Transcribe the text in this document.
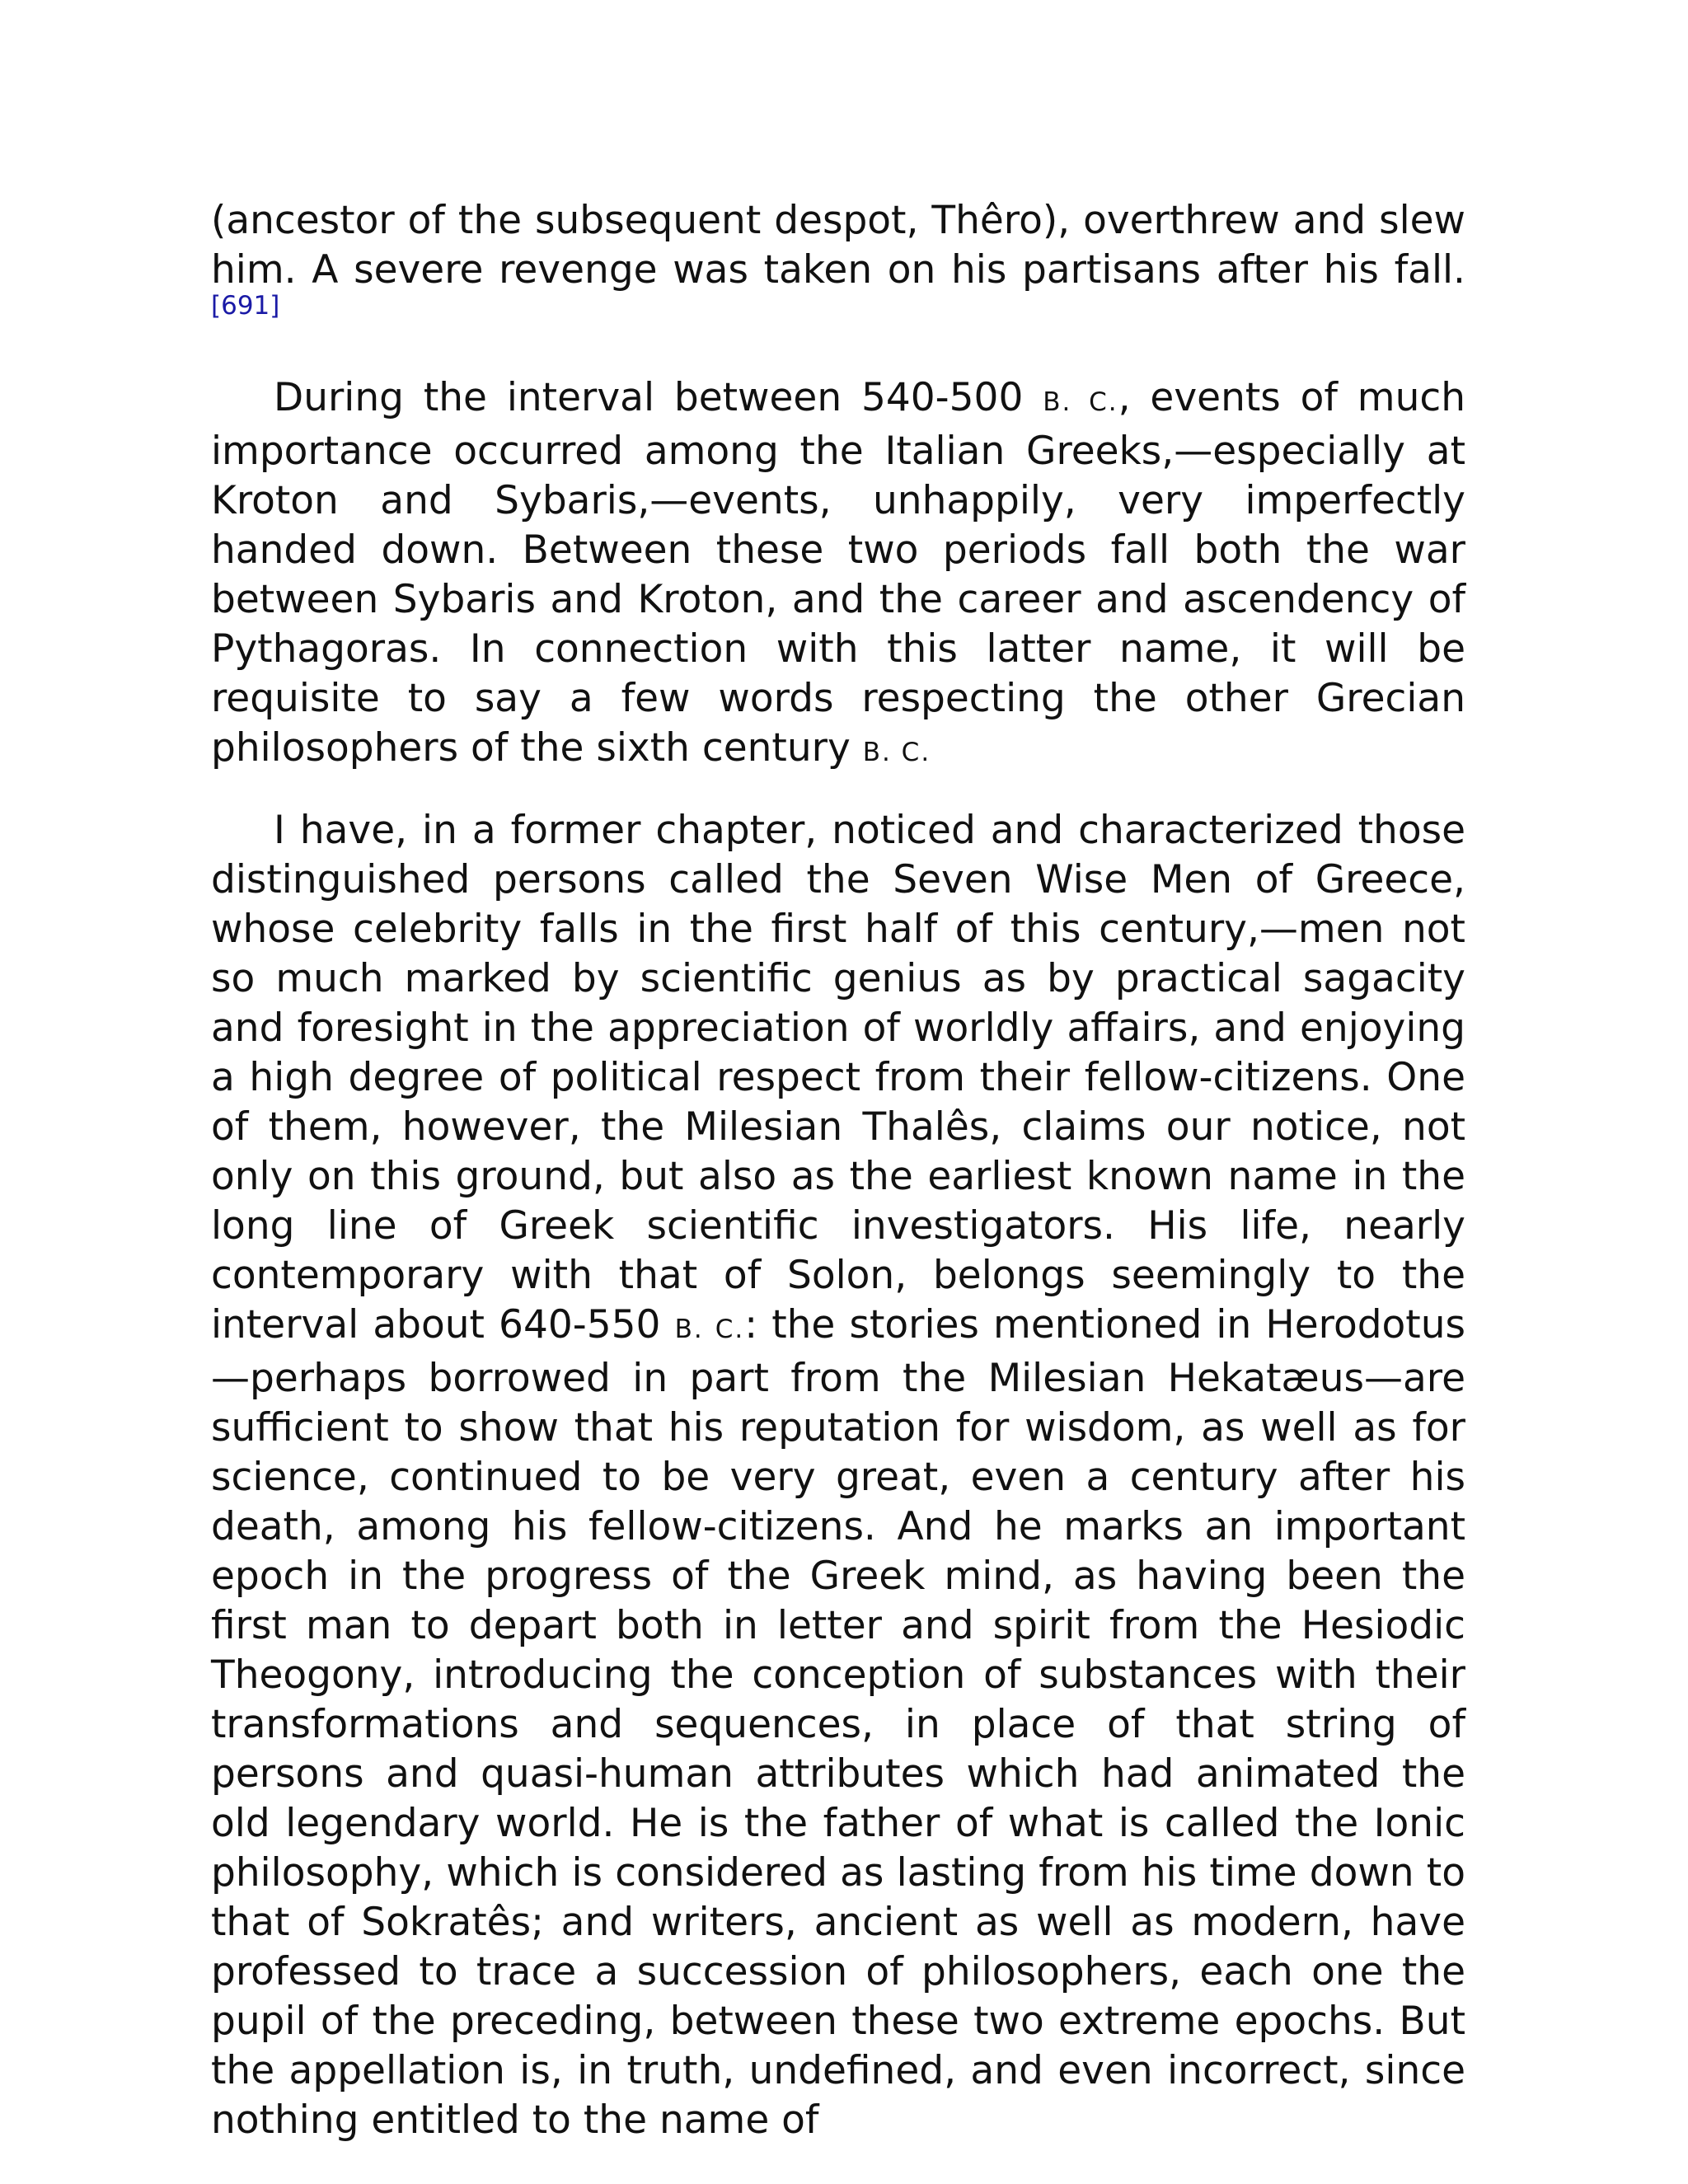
(ancestor of the subsequent despot, Thêro), overthrew and slew him. A severe revenge was taken on his partisans after his fall.[691]

During the interval between 540-500 B. C., events of much importance occurred among the Italian Greeks,—especially at Kroton and Sybaris,—events, unhappily, very imperfectly handed down. Between these two periods fall both the war between Sybaris and Kroton, and the career and ascendency of Pythagoras. In connection with this latter name, it will be requisite to say a few words respecting the other Grecian philosophers of the sixth century B. C.

I have, in a former chapter, noticed and characterized those distinguished persons called the Seven Wise Men of Greece, whose celebrity falls in the first half of this century,—men not so much marked by scientific genius as by practical sagacity and foresight in the appreciation of worldly affairs, and enjoying a high degree of political respect from their fellow-citizens. One of them, however, the Milesian Thalês, claims our notice, not only on this ground, but also as the earliest known name in the long line of Greek scientific investigators. His life, nearly contemporary with that of Solon, belongs seemingly to the interval about 640-550 B. C.: the stories mentioned in Herodotus—perhaps borrowed in part from the Milesian Hekatæus—are sufficient to show that his reputation for wisdom, as well as for science, continued to be very great, even a century after his death, among his fellow-citizens. And he marks an important epoch in the progress of the Greek mind, as having been the first man to depart both in letter and spirit from the Hesiodic Theogony, introducing the conception of substances with their transformations and sequences, in place of that string of persons and quasi-human attributes which had animated the old legendary world. He is the father of what is called the Ionic philosophy, which is considered as lasting from his time down to that of Sokratês; and writers, ancient as well as modern, have professed to trace a succession of philosophers, each one the pupil of the preceding, between these two extreme epochs. But the appellation is, in truth, undefined, and even incorrect, since nothing entitled to the name of
